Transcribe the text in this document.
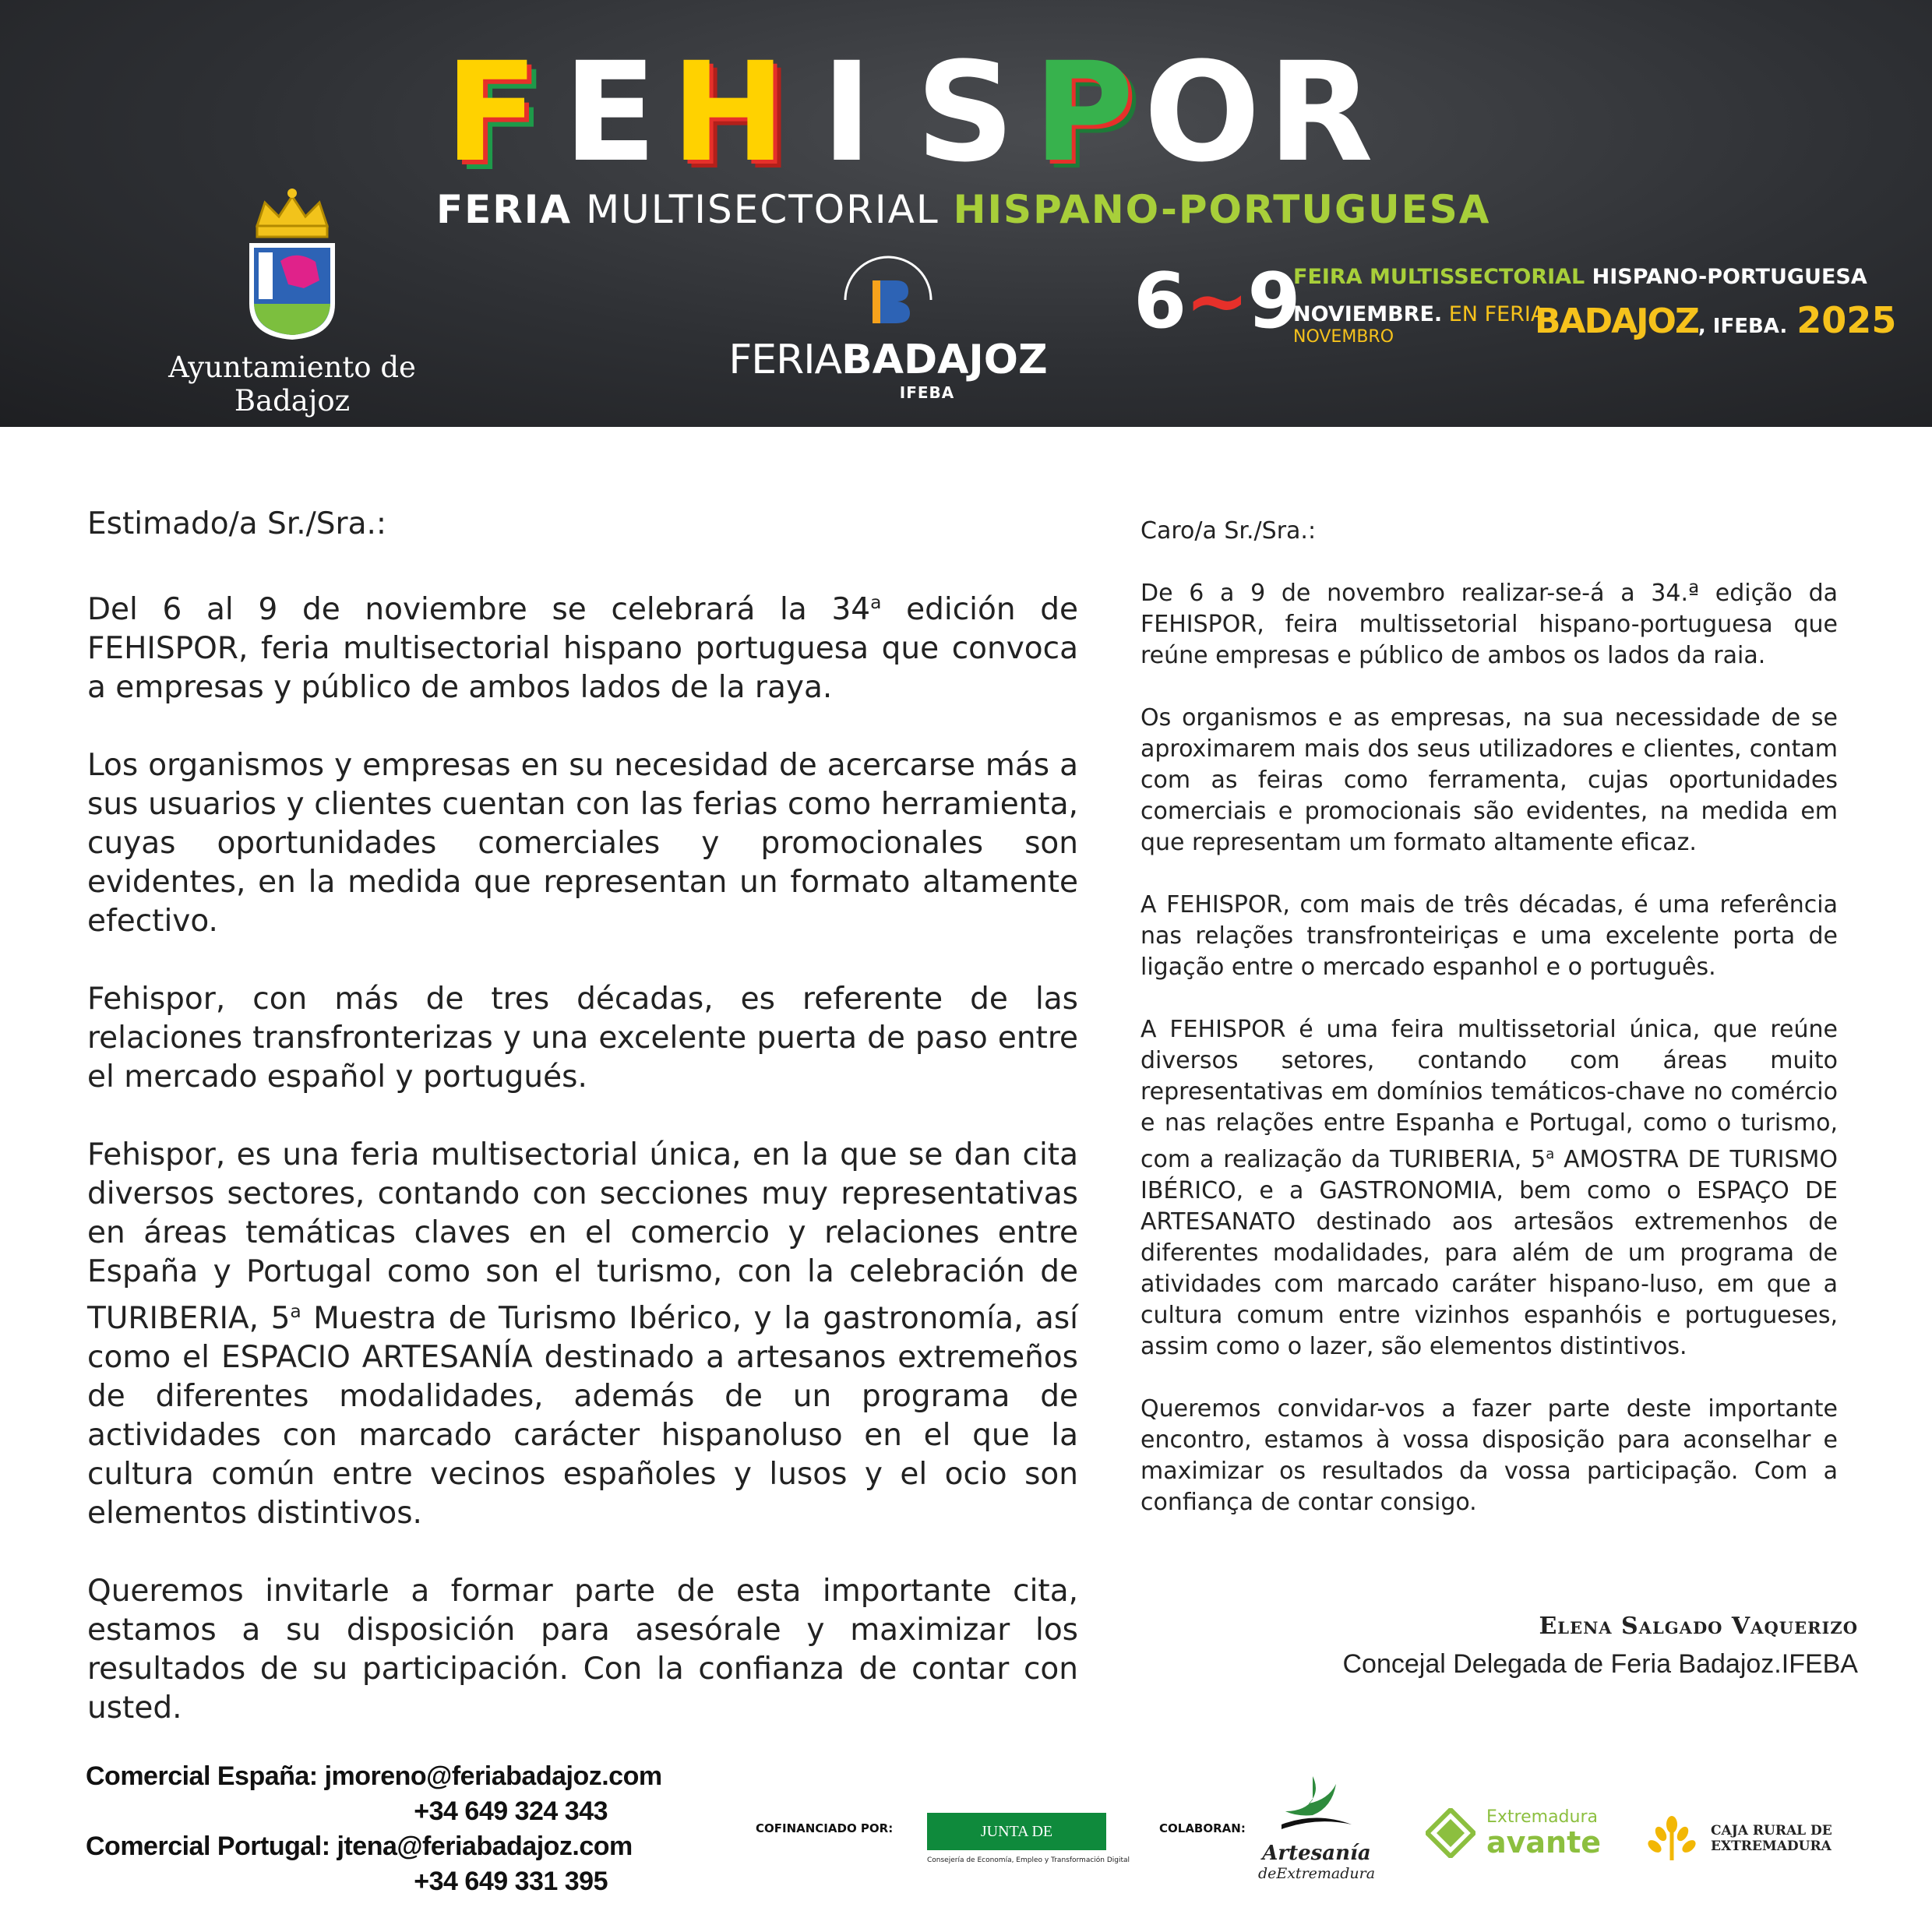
F E H I S P O R
FERIA MULTISECTORIAL HISPANO-PORTUGUESA
Ayuntamiento de Badajoz
FERIABADAJOZ
IFEBA
6~9
FEIRA MULTISSECTORIAL HISPANO-PORTUGUESA
NOVIEMBRE. EN FERIA
NOVEMBRO	BADAJOZ, IFEBA. 2025

Estimado/a Sr./Sra.:

Del 6 al 9 de noviembre se celebrará la 34$^a$ edición de FEHISPOR, feria multisectorial hispano portuguesa que convoca a empresas y público de ambos lados de la raya.

Los organismos y empresas en su necesidad de acercarse más a sus usuarios y clientes cuentan con las ferias como herramienta, cuyas oportunidades comerciales y promocionales son evidentes, en la medida que representan un formato altamente efectivo.

Fehispor, con más de tres décadas, es referente de las relaciones transfronterizas y una excelente puerta de paso entre el mercado español y portugués.

Fehispor, es una feria multisectorial única, en la que se dan cita diversos sectores, contando con secciones muy representativas en áreas temáticas claves en el comercio y relaciones entre España y Portugal como son el turismo, con la celebración de TURIBERIA, 5$^a$ Muestra de Turismo Ibérico, y la gastronomía, así como el ESPACIO ARTESANÍA destinado a artesanos extremeños de diferentes modalidades, además de un programa de actividades con marcado carácter hispanoluso en el que la cultura común entre vecinos españoles y lusos y el ocio son elementos distintivos.

Queremos invitarle a formar parte de esta importante cita, estamos a su disposición para asesórale y maximizar los resultados de su participación. Con la confianza de contar con usted.

Caro/a Sr./Sra.:

De 6 a 9 de novembro realizar-se-á a 34.ª edição da FEHISPOR, feira multissetorial hispano-portuguesa que reúne empresas e público de ambos os lados da raia.

Os organismos e as empresas, na sua necessidade de se aproximarem mais dos seus utilizadores e clientes, contam com as feiras como ferramenta, cujas oportunidades comerciais e promocionais são evidentes, na medida em que representam um formato altamente eficaz.

A FEHISPOR, com mais de três décadas, é uma referência nas relações transfronteiriças e uma excelente porta de ligação entre o mercado espanhol e o português.

A FEHISPOR é uma feira multissetorial única, que reúne diversos setores, contando com áreas muito representativas em domínios temáticos-chave no comércio e nas relações entre Espanha e Portugal, como o turismo, com a realização da TURIBERIA, 5$^a$ AMOSTRA DE TURISMO IBÉRICO, e a GASTRONOMIA, bem como o ESPAÇO DE ARTESANATO destinado aos artesãos extremenhos de diferentes modalidades, para além de um programa de atividades com marcado caráter hispano-luso, em que a cultura comum entre vizinhos espanhóis e portugueses, assim como o lazer, são elementos distintivos.

Queremos convidar-vos a fazer parte deste importante encontro, estamos à vossa disposição para aconselhar e maximizar os resultados da vossa participação. Com a confiança de contar consigo.

Elena Salgado Vaquerizo
Concejal Delegada de Feria Badajoz.IFEBA
Comercial España: jmoreno@feriabadajoz.com
+34 649 324 343
Comercial Portugal: jtena@feriabadajoz.com
+34 649 331 395
COFINANCIADO POR:	JUNTA DE EXTREMADURA
Consejería de Economía, Empleo y Transformación Digital
COLABORAN:
Artesanía
deExtremadura
Extremadura
avante	CAJA RURAL DE
EXTREMADURA
